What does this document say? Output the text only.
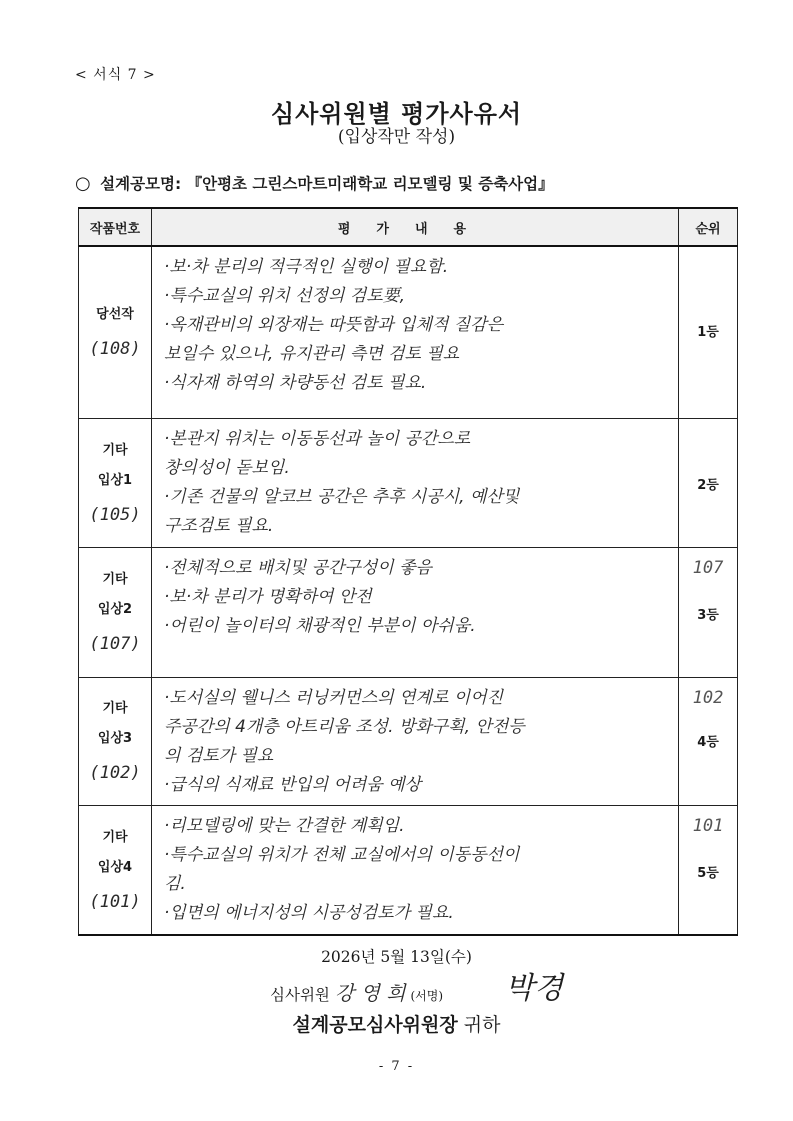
< 서식 7 >
심사위원별 평가사유서
(입상작만 작성)
○ 설계공모명: 『안평초 그린스마트미래학교 리모델링 및 증축사업』
작품번호	평가내용	순위
당선작
(108)	·보·차 분리의 적극적인 실행이 필요함.
·특수교실의 위치 선정의 검토要,
·옥재관비의 외장재는 따뜻함과 입체적 질감은
보일수 있으나, 유지관리 측면 검토 필요
·식자재 하역의 차량동선 검토 필요.	1등

기타
입상1
(105)	·본관지 위치는 이동동선과 놀이 공간으로
창의성이 돋보임.
·기존 건물의 알코브 공간은 추후 시공시, 예산및
구조검토 필요.	2등

기타
입상2
(107)	·전체적으로 배치및 공간구성이 좋음
·보·차 분리가 명확하여 안전
·어린이 놀이터의 채광적인 부분이 아쉬움.	107
3등

기타
입상3
(102)	·도서실의 웰니스 러닝커먼스의 연계로 이어진
주공간의 4개층 아트리움 조성. 방화구획, 안전등
의 검토가 필요
·급식의 식재료 반입의 어려움 예상	102
4등

기타
입상4
(101)	·리모델링에 맞는 간결한 계획임.
·특수교실의 위치가 전체 교실에서의 이동동선이
김.
·입면의 에너지성의 시공성검토가 필요.	101
5등
2026년 5월 13일(수)
심사위원 강 영 희 (서명) 박경
설계공모심사위원장 귀하
- 7 -
